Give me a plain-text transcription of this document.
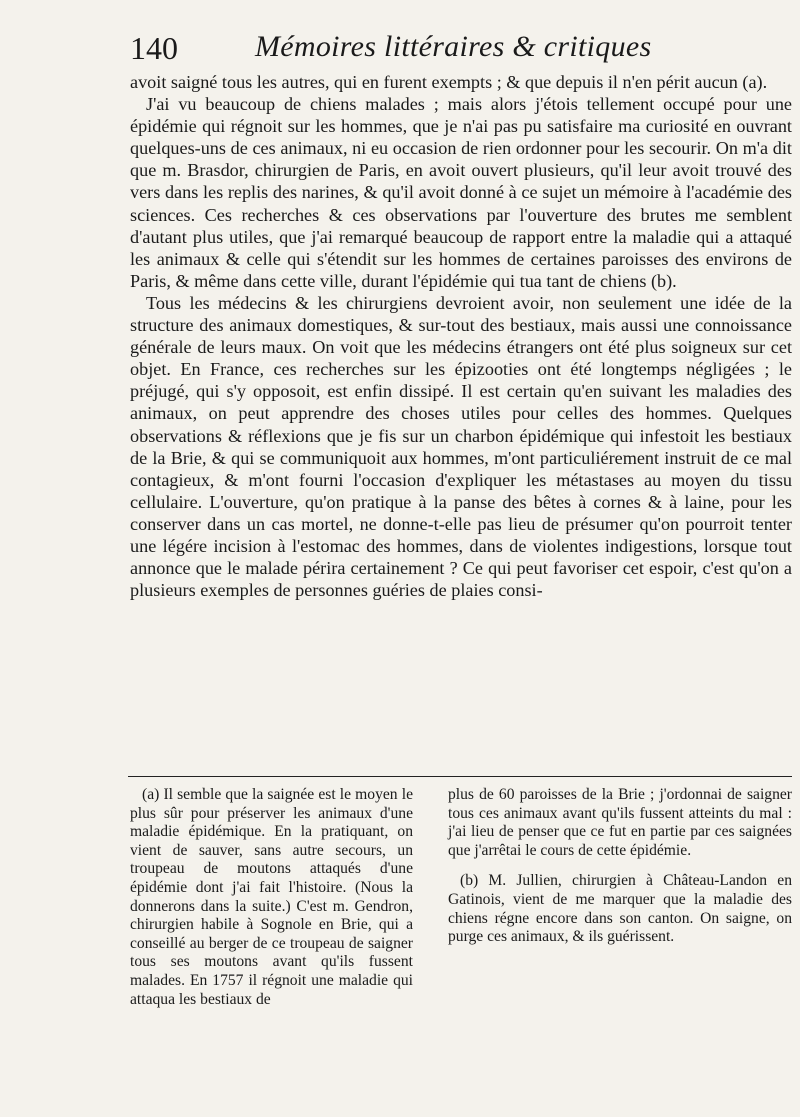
140	Mémoires littéraires & critiques

avoit saigné tous les autres, qui en furent exempts ; & que depuis il n'en périt aucun (a).

J'ai vu beaucoup de chiens malades ; mais alors j'étois tellement occupé pour une épidémie qui régnoit sur les hommes, que je n'ai pas pu satisfaire ma curiosité en ouvrant quelques-uns de ces animaux, ni eu occasion de rien ordonner pour les secourir. On m'a dit que m. Brasdor, chirurgien de Paris, en avoit ouvert plusieurs, qu'il leur avoit trouvé des vers dans les replis des narines, & qu'il avoit donné à ce sujet un mémoire à l'académie des sciences. Ces recherches & ces observations par l'ouverture des brutes me semblent d'autant plus utiles, que j'ai remarqué beaucoup de rapport entre la maladie qui a attaqué les animaux & celle qui s'étendit sur les hommes de certaines paroisses des environs de Paris, & même dans cette ville, durant l'épidémie qui tua tant de chiens (b).

Tous les médecins & les chirurgiens devroient avoir, non seulement une idée de la structure des animaux domestiques, & sur-tout des bestiaux, mais aussi une connoissance générale de leurs maux. On voit que les médecins étrangers ont été plus soigneux sur cet objet. En France, ces recherches sur les épizooties ont été longtemps négligées ; le préjugé, qui s'y opposoit, est enfin dissipé. Il est certain qu'en suivant les maladies des animaux, on peut apprendre des choses utiles pour celles des hommes. Quelques observations & réflexions que je fis sur un charbon épidémique qui infestoit les bestiaux de la Brie, & qui se communiquoit aux hommes, m'ont particuliérement instruit de ce mal contagieux, & m'ont fourni l'occasion d'expliquer les métastases au moyen du tissu cellulaire. L'ouverture, qu'on pratique à la panse des bêtes à cornes & à laine, pour les conserver dans un cas mortel, ne donne-t-elle pas lieu de présumer qu'on pourroit tenter une légére incision à l'estomac des hommes, dans de violentes indigestions, lorsque tout annonce que le malade périra certainement ? Ce qui peut favoriser cet espoir, c'est qu'on a plusieurs exemples de personnes guéries de plaies consi-

(a) Il semble que la saignée est le moyen le plus sûr pour préserver les animaux d'une maladie épidémique. En la pratiquant, on vient de sauver, sans autre secours, un troupeau de moutons attaqués d'une épidémie dont j'ai fait l'histoire. (Nous la donnerons dans la suite.) C'est m. Gendron, chirurgien habile à Sognole en Brie, qui a conseillé au berger de ce troupeau de saigner tous ses moutons avant qu'ils fussent malades. En 1757 il régnoit une maladie qui attaqua les bestiaux de

plus de 60 paroisses de la Brie ; j'ordonnai de saigner tous ces animaux avant qu'ils fussent atteints du mal : j'ai lieu de penser que ce fut en partie par ces saignées que j'arrêtai le cours de cette épidémie.

(b) M. Jullien, chirurgien à Château-Landon en Gatinois, vient de me marquer que la maladie des chiens régne encore dans son canton. On saigne, on purge ces animaux, & ils guérissent.
